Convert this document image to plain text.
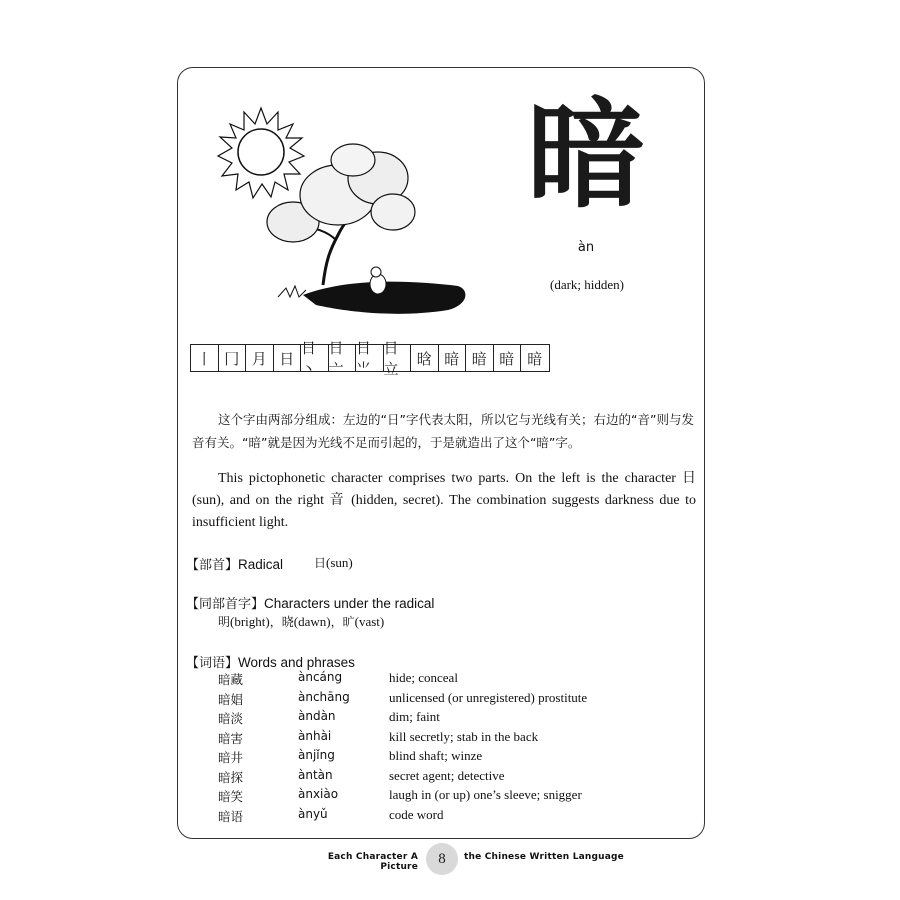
暗
àn
(dark; hidden)
丨 冂 月 日
日丶
日亠
日⺌
日立
晗 暗 暗 暗 暗

这个字由两部分组成：左边的“日”字代表太阳，所以它与光线有关；右边的“音”则与发音有关。“暗”就是因为光线不足而引起的，于是就造出了这个“暗”字。

This pictophonetic character comprises two parts. On the left is the character 日 (sun), and on the right 音 (hidden, secret). The combination suggests darkness due to insufficient light.

【部首】Radical	日(sun)
【同部首字】Characters under the radical
明(bright)，晓(dawn)，旷(vast)
【词语】Words and phrases
暗藏	àncáng	hide; conceal
暗娼	ànchāng	unlicensed (or unregistered) prostitute
暗淡	àndàn	dim; faint
暗害	ànhài	kill secretly; stab in the back
暗井	ànjǐng	blind shaft; winze
暗探	àntàn	secret agent; detective
暗笑	ànxiào	laugh in (or up) one’s sleeve; snigger
暗语	ànyǔ	code word
Each Character A Picture
8	the Chinese Written Language
